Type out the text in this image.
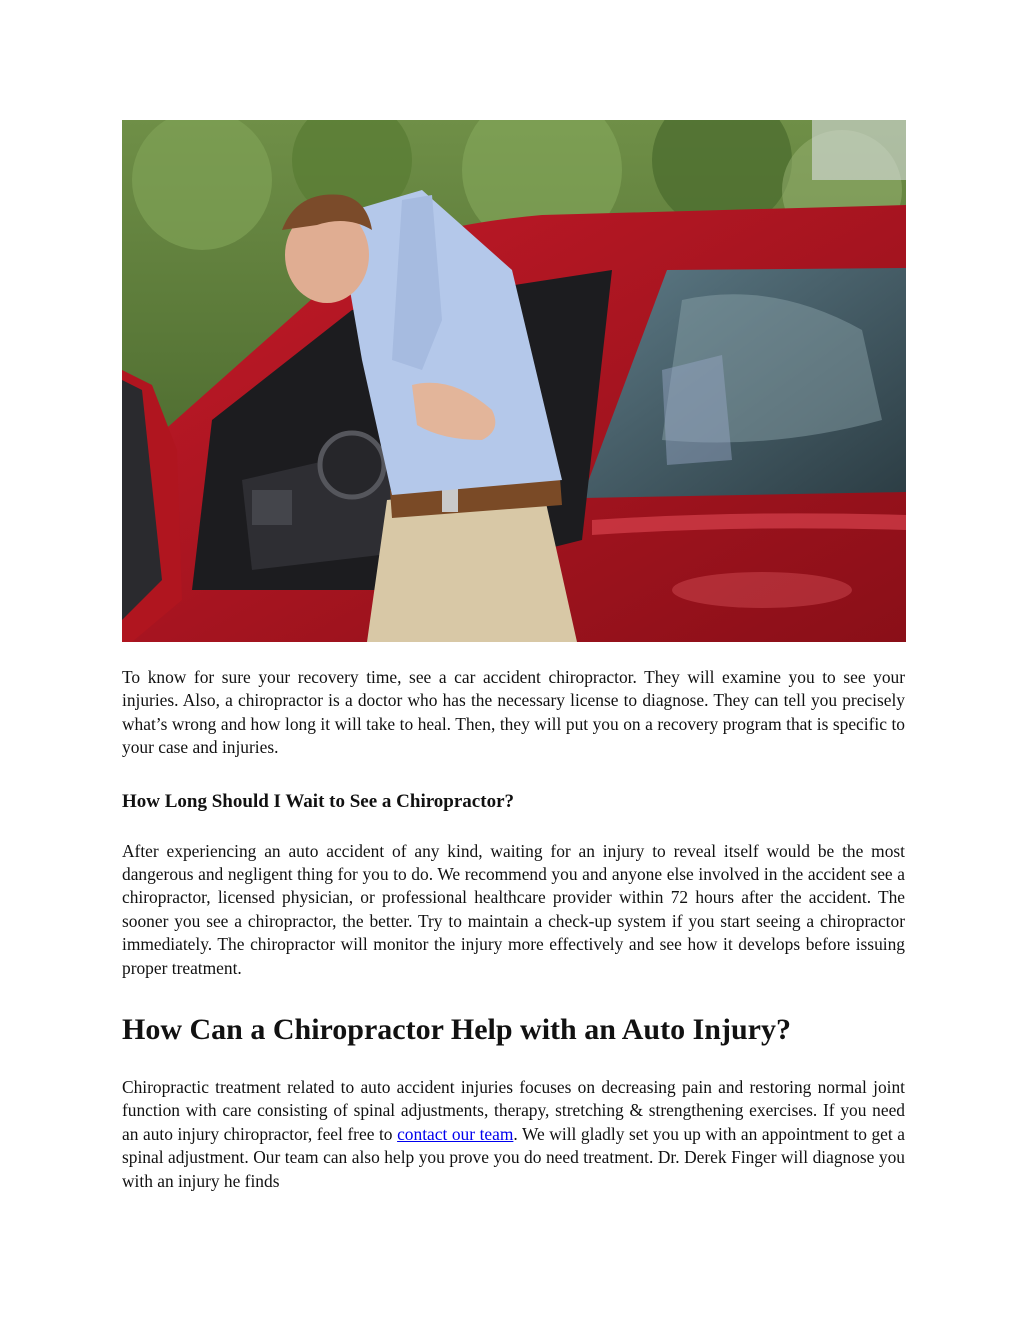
To know for sure your recovery time, see a car accident chiropractor. They will examine you to see your injuries. Also, a chiropractor is a doctor who has the necessary license to diagnose. They can tell you precisely what’s wrong and how long it will take to heal. Then, they will put you on a recovery program that is specific to your case and injuries.

How Long Should I Wait to See a Chiropractor?

After experiencing an auto accident of any kind, waiting for an injury to reveal itself would be the most dangerous and negligent thing for you to do. We recommend you and anyone else involved in the accident see a chiropractor, licensed physician, or professional healthcare provider within 72 hours after the accident. The sooner you see a chiropractor, the better. Try to maintain a check-up system if you start seeing a chiropractor immediately. The chiropractor will monitor the injury more effectively and see how it develops before issuing proper treatment.

How Can a Chiropractor Help with an Auto Injury?

Chiropractic treatment related to auto accident injuries focuses on decreasing pain and restoring normal joint function with care consisting of spinal adjustments, therapy, stretching & strengthening exercises. If you need an auto injury chiropractor, feel free to contact our team. We will gladly set you up with an appointment to get a spinal adjustment. Our team can also help you prove you do need treatment. Dr. Derek Finger will diagnose you with an injury he finds
